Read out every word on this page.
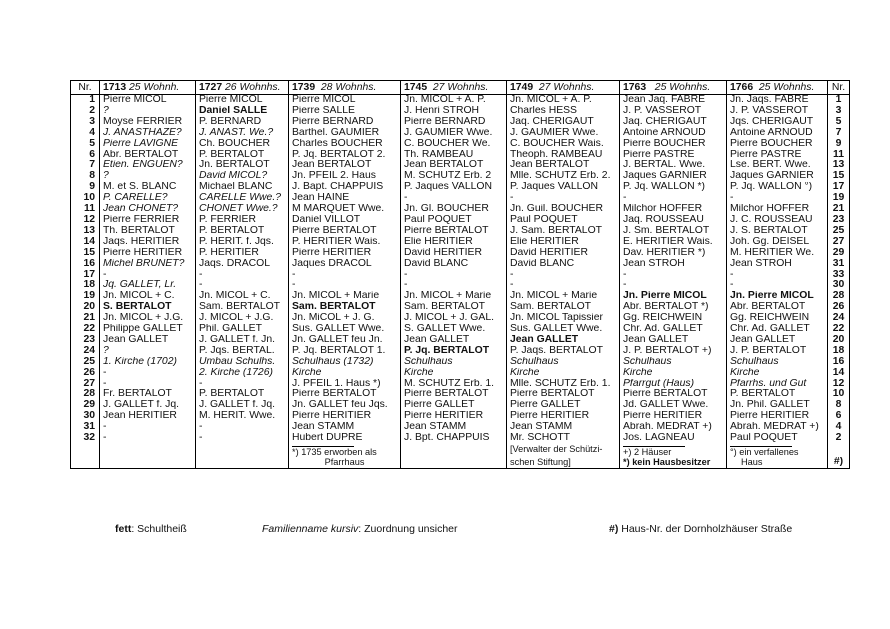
Nr.	1713 25 Wohnh.	1727 26 Wohnhs.	1739 28 Wohnhs.	1745 27 Wohnhs.	1749 27 Wohnhs.	1763 25 Wohnhs.	1766 25 Wohnhs.	Nr.
1	Pierre MICOL	Pierre MICOL	Pierre MICOL	Jn. MICOL + A. P.	Jn. MICOL + A. P.	Jean Jaq. FABRE	Jn. Jaqs. FABRE	1
2	?	Daniel SALLE	Pierre SALLE	J. Henri STROH	Charles HESS	J. P. VASSEROT	J. P. VASSEROT	3
3	Moyse FERRIER	P. BERNARD	Pierre BERNARD	Pierre BERNARD	Jaq. CHERIGAUT	Jaq. CHERIGAUT	Jqs. CHÉRIGAUT	5
4	J. ANASTHAZE?	J. ANAST. We.?	Barthel. GAUMIER	J. GAUMIER Wwe.	J. GAUMIER Wwe.	Antoine ARNOUD	Antoine ARNOUD	7
5	Pierre LAVIGNE	Ch. BOUCHER	Charles BOUCHER	C. BOUCHER We.	C. BOUCHER Wais.	Pierre BOUCHER	Pierre BOUCHER	9
6	Abr. BERTALOT	P. BERTALOT	P. Jq. BERTALOT 2.	Th. RAMBEAU	Theoph. RAMBEAU	Pierre PASTRE	Pierre PASTRE	11
7	Etien. ENGUEN?	Jn. BERTALOT	Jean BERTALOT	Jean BERTALOT	Jean BERTALOT	J. BERTAL. Wwe.	Lse. BERT. Wwe.	13
8	?	David MICOL?	Jn. PFEIL 2. Haus	M. SCHÜTZ Erb. 2	Mlle. SCHÜTZ Erb. 2.	Jaques GARNIER	Jaques GARNIER	15
9	M. et S. BLANC	Michael BLANC	J. Bapt. CHAPPUIS	P. Jaques VALLON	P. Jaques VALLON	P. Jq. WALLON *)	P. Jq. WALLON °)	17
10	P. CARELLE?	CARELLE Wwe.?	Jean HAINE	-	-	-	-	19
11	Jean CHONET?	CHONET Wwe.?	M MARQUET Wwe.	Jn. Gl. BOUCHER	Jn. Guil. BOUCHER	Milchor HOFFER	Milchor HOFFER	21
12	Pierre FERRIER	P. FERRIER	Daniel VILLOT	Paul POQUET	Paul POQUET	Jaq. ROUSSEAU	J. C. ROUSSEAU	23
13	Th. BERTALOT	P. BERTALOT	Pierre BERTALOT	Pierre BERTALOT	J. Sam. BERTALOT	J. Sm. BERTALOT	J. S. BERTALOT	25
14	Jaqs. HERITIER	P. HÉRIT. f. Jqs.	P. HERITIER Wais.	Elie HERITIER	Elie HERITIER	E. HERITIER Wais.	Joh. Gg. DEISEL	27
15	Pierre HERITIER	P. HERITIER	Pierre HERITIER	David HERITIER	David HERITIER	Dav. HERITIER *)	M. HERITIER We.	29
16	Michel BRUNET?	Jaqs. DRACOL	Jaques DRACOL	David BLANC	David BLANC	Jean STROH	Jean STROH	31
17	-	-	-	-	-	-	-	33
18	Jq. GALLET, Lr.	-	-	-	-	-	-	30
19	Jn. MICOL + C.	Jn. MICOL + C.	Jn. MICOL + Marie	Jn. MICOL + Marie	Jn. MICOL + Marie	Jn. Pierre MICOL	Jn. Pierre MICOL	28
20	S. BERTALOT	Sam. BERTALOT	Sam. BERTALOT	Sam. BERTALOT	Sam. BERTALOT	Abr. BERTALOT *)	Abr. BERTALOT	26
21	Jn. MICOL + J.G.	J. MICOL + J.G.	Jn. MiCOL + J. G.	J. MICOL + J. GAL.	Jn. MICOL Tapissier	Gg. REICHWEIN	Gg. REICHWEIN	24
22	Philippe GALLET	Phil. GALLET	Sus. GALLET Wwe.	S. GALLET Wwe.	Sus. GALLET Wwe.	Chr. Ad. GALLET	Chr. Ad. GALLET	22
23	Jean GALLET	J. GALLET f. Jn.	Jn. GALLET feu Jn.	Jean GALLET	Jean GALLET	Jean GALLET	Jean GALLET	20
24	?	P. Jqs. BERTAL.	P. Jq. BERTALOT 1.	P. Jq. BERTALOT	P. Jaqs. BERTALOT	J. P. BERTALOT +)	J. P. BERTALOT	18
25	1. Kirche (1702)	Umbau Schulhs.	Schulhaus (1732)	Schulhaus	Schulhaus	Schulhaus	Schulhaus	16
26	-	2. Kirche (1726)	Kirche	Kirche	Kirche	Kirche	Kirche	14
27	-	-	J. PFEIL 1. Haus *)	M. SCHÜTZ Erb. 1.	Mlle. SCHÜTZ Erb. 1.	Pfarrgut (Haus)	Pfarrhs. und Gut	12
28	Fr. BERTALOT	P. BERTALOT	Pierre BERTALOT	Pierre BERTALOT	Pierre BERTALOT	Pierre BERTALOT	P. BERTALOT	10
29	J. GALLET f. Jq.	J. GALLET f. Jq.	Jn. GALLET feu Jqs.	Pierre GALLET	Pierre GALLET	Jd. GALLET Wwe.	Jn. Phil. GALLET	8
30	Jean HERITIER	M. HERIT. Wwe.	Pierre HERITIER	Pierre HERITIER	Pierre HERITIER	Pierre HERITIER	Pierre HERITIER	6
31	-	-	Jean STAMM	Jean STAMM	Jean STAMM	Abrah. MEDRAT +)	Abrah. MEDRAT +)	4
32	-	-	Hubert DUPRÉ	J. Bpt. CHAPPUIS	Mr. SCHOTT	Jos. LAGNEAU	Paul POQUET	2

			*) 1735 erworben als		[Verwalter der Schützi-	+) 2 Häuser	°) ein verfallenes	

			Pfarrhaus		schen Stiftung]	*) kein Hausbesitzer	Haus	#)
fett: Schultheiß	Familienname kursiv: Zuordnung unsicher	#) Haus-Nr. der Dornholzhäuser Straße
